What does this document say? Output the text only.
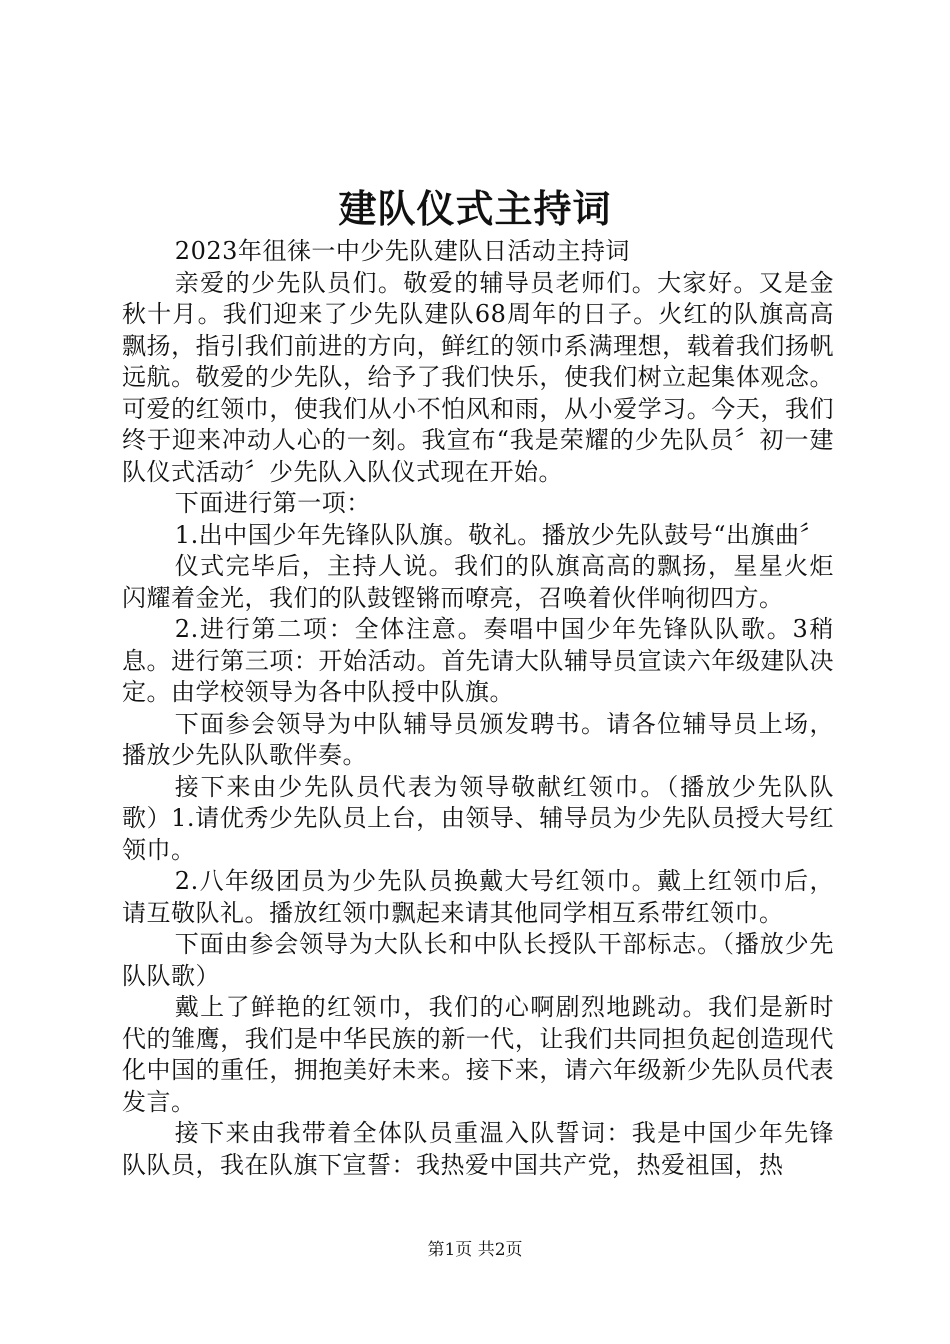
建队仪式主持词

2023年徂徕一中少先队建队日活动主持词

亲爱的少先队员们。敬爱的辅导员老师们。大家好。又是金秋十月。我们迎来了少先队建队68周年的日子。火红的队旗高高飘扬，指引我们前进的方向，鲜红的领巾系满理想，载着我们扬帆远航。敬爱的少先队，给予了我们快乐，使我们树立起集体观念。可爱的红领巾，使我们从小不怕风和雨，从小爱学习。今天，我们终于迎来冲动人心的一刻。我宣布“我是荣耀的少先队员〞初一建队仪式活动〞少先队入队仪式现在开始。

下面进行第一项：

1.出中国少年先锋队队旗。敬礼。播放少先队鼓号“出旗曲〞

仪式完毕后，主持人说。我们的队旗高高的飘扬，星星火炬闪耀着金光，我们的队鼓铿锵而嘹亮，召唤着伙伴响彻四方。

2.进行第二项：全体注意。奏唱中国少年先锋队队歌。3稍息。进行第三项：开始活动。首先请大队辅导员宣读六年级建队决定。由学校领导为各中队授中队旗。

下面参会领导为中队辅导员颁发聘书。请各位辅导员上场，播放少先队队歌伴奏。

接下来由少先队员代表为领导敬献红领巾。（播放少先队队歌）1.请优秀少先队员上台，由领导、辅导员为少先队员授大号红领巾。

2.八年级团员为少先队员换戴大号红领巾。戴上红领巾后，请互敬队礼。播放红领巾飘起来请其他同学相互系带红领巾。

下面由参会领导为大队长和中队长授队干部标志。（播放少先队队歌）

戴上了鲜艳的红领巾，我们的心啊剧烈地跳动。我们是新时代的雏鹰，我们是中华民族的新一代，让我们共同担负起创造现代化中国的重任，拥抱美好未来。接下来，请六年级新少先队员代表发言。

接下来由我带着全体队员重温入队誓词：我是中国少年先锋队队员，我在队旗下宣誓：我热爱中国共产党，热爱祖国，热

第1页 共2页
